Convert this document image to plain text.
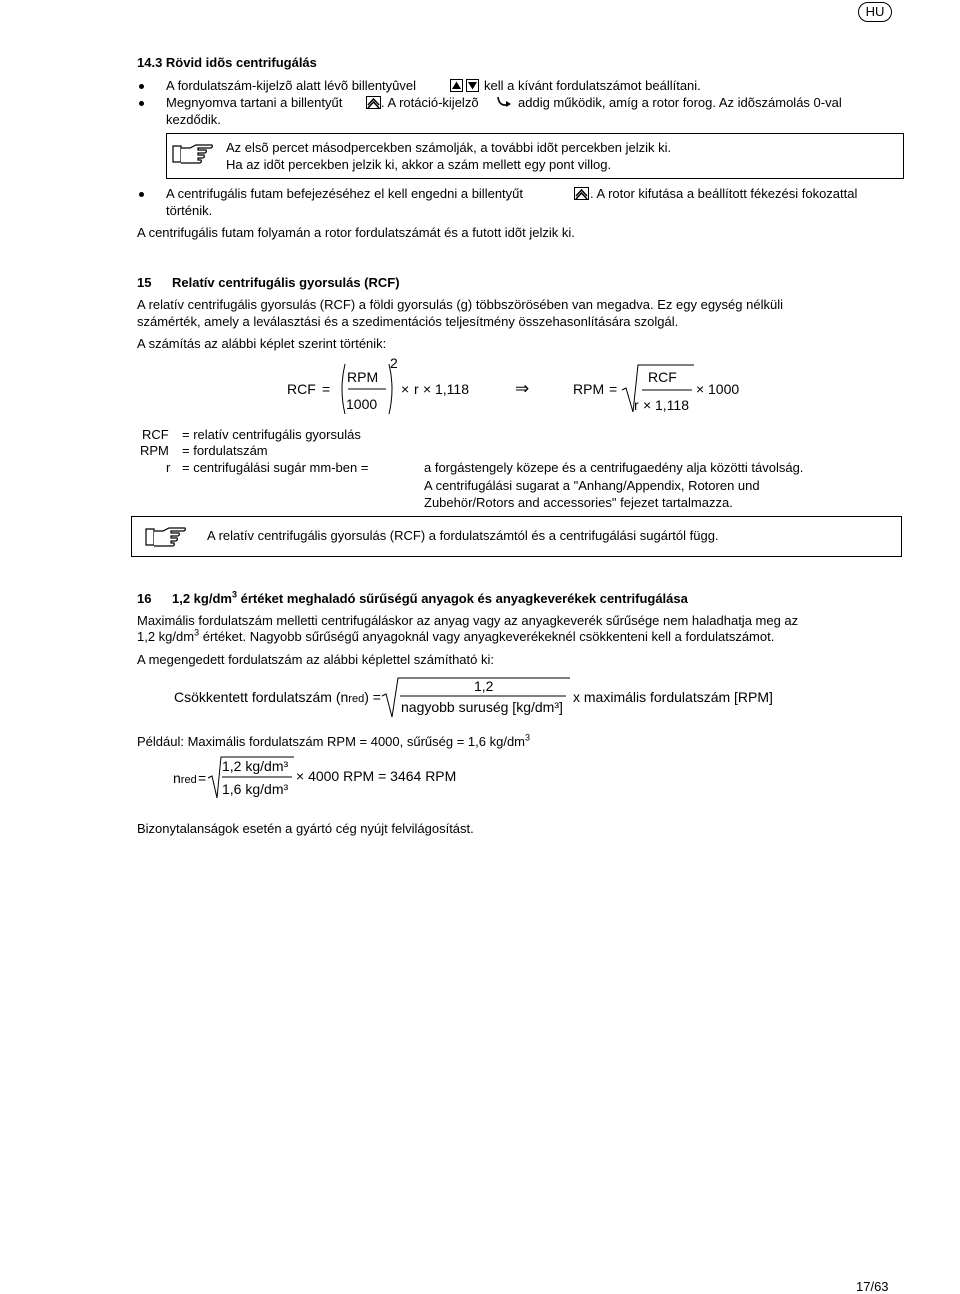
HU
14.3 Rövid idõs centrifugálás
A fordulatszám-kijelzõ alatt lévõ billentyûvel	kell a kívánt fordulatszámot beállítani.
Megnyomva tartani a billentyűt	. A rotáció-kijelzõ	addig működik, amíg a rotor forog. Az idõszámolás 0-val
kezdődik.
Az elsõ percet másodpercekben számolják, a további idõt percekben jelzik ki.
Ha az idõt percekben jelzik ki, akkor a szám mellett egy pont villog.
A centrifugális futam befejezéséhez el kell engedni a billentyűt	. A rotor kifutása a beállított fékezési fokozattal
történik.
A centrifugális futam folyamán a rotor fordulatszámát és a futott idõt jelzik ki.
15 Relatív centrifugális gyorsulás (RCF)
A relatív centrifugális gyorsulás (RCF) a földi gyorsulás (g) többszörösében van megadva. Ez egy egység nélküli
számérték, amely a leválasztási és a szedimentációs teljesítmény összehasonlítására szolgál.
A számítás az alábbi képlet szerint történik:
RCF =
RPM
1000
2
× r × 1,118	⇒	RPM =
RCF
r × 1,118
× 1000
RCF = relatív centrifugális gyorsulás
RPM = fordulatszám
r = centrifugálási sugár mm-ben =	a forgástengely közepe és a centrifugaedény alja közötti távolság.
A centrifugálási sugarat a "Anhang/Appendix, Rotoren und
Zubehör/Rotors and accessories" fejezet tartalmazza.
A relatív centrifugális gyorsulás (RCF) a fordulatszámtól és a centrifugálási sugártól függ.
16 1,2 $kg/dm^3$ értéket meghaladó sűrűségű anyagok és anyagkeverékek centrifugálása
Maximális fordulatszám melletti centrifugáláskor az anyag vagy az anyagkeverék sűrűsége nem haladhatja meg az
1,2 $kg/dm^3$ értéket. Nagyobb sűrűségű anyagoknál vagy anyagkeverékeknél csökkenteni kell a fordulatszámot.
A megengedett fordulatszám az alábbi képlettel számítható ki:
Csökkentett fordulatszám (nred) =
1,2
nagyobb suruség [kg/dm³]
x maximális fordulatszám [RPM]
Például: Maximális fordulatszám RPM = 4000, sűrűség = 1,6 $kg/dm^3$
nred =
1,2 kg/dm³
1,6 kg/dm³
× 4000 RPM = 3464 RPM
Bizonytalanságok esetén a gyártó cég nyújt felvilágosítást.
17/63
